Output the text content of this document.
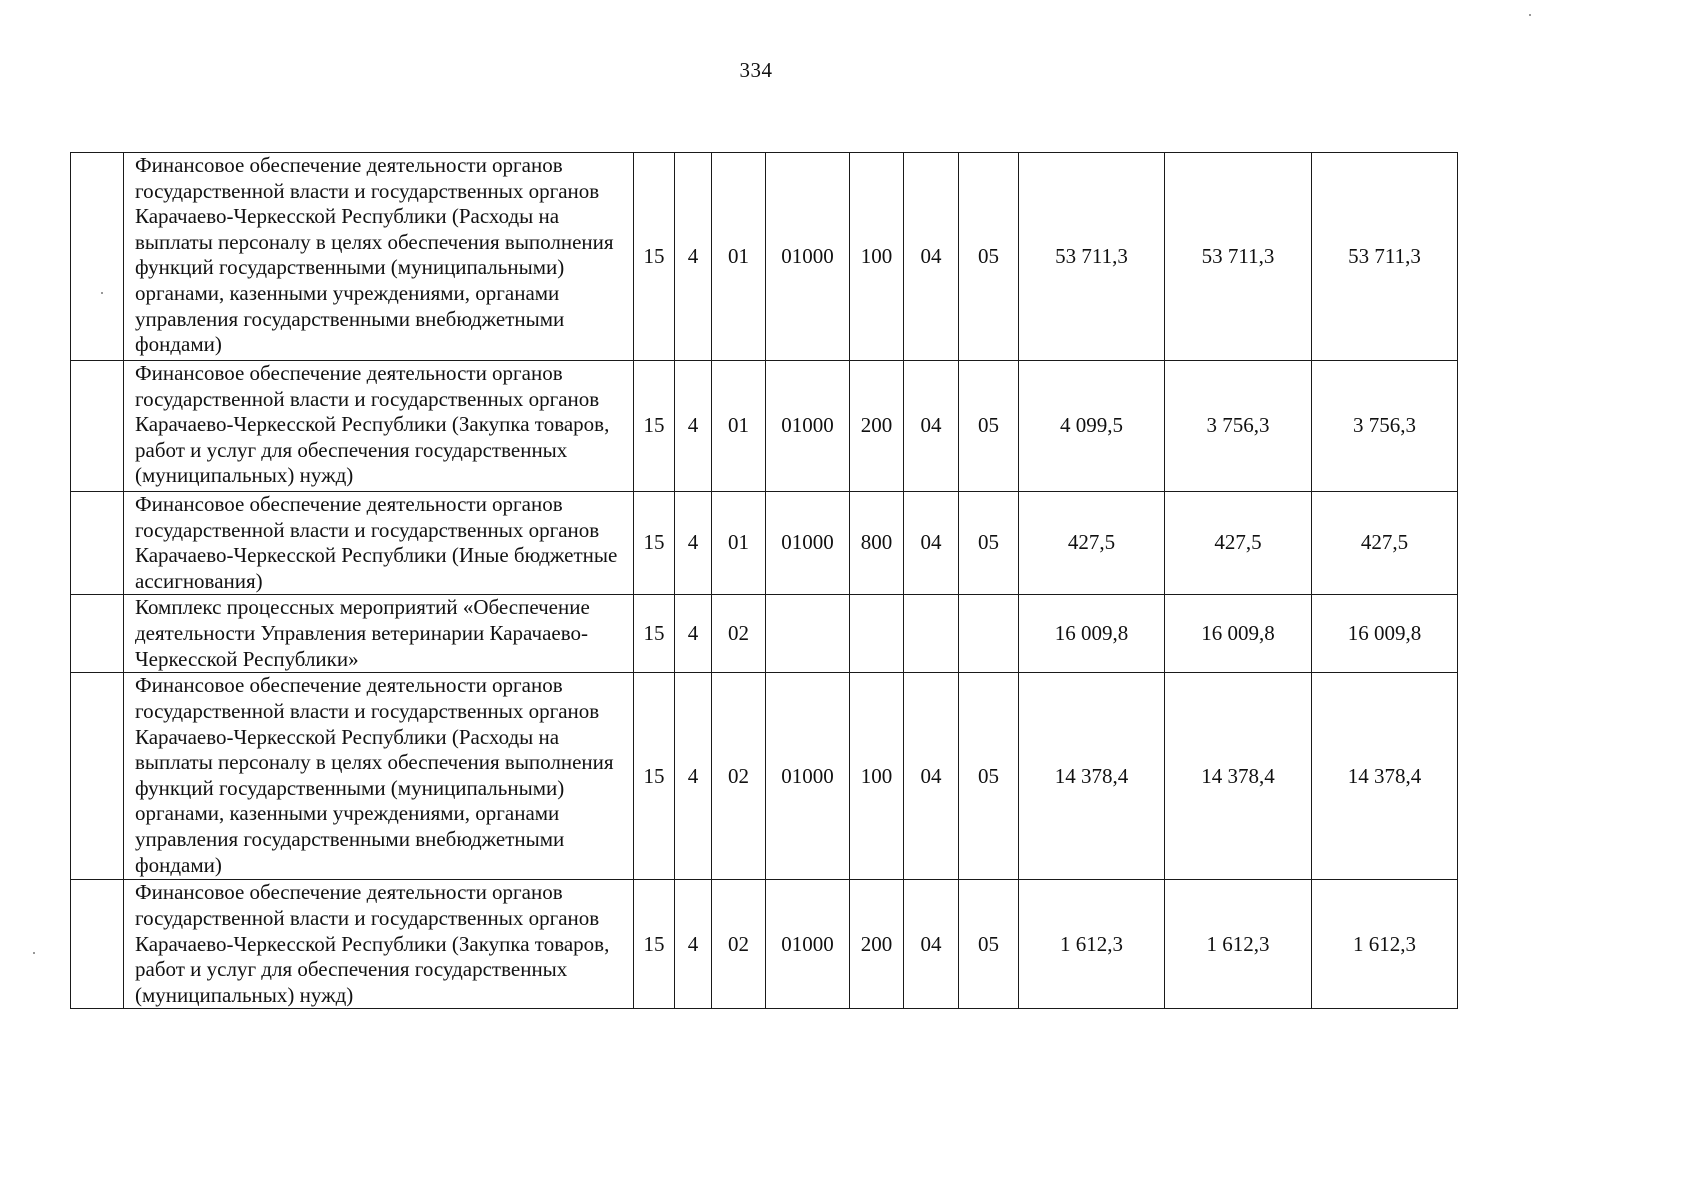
334
	Финансовое обеспечение деятельности органов государственной власти и государственных органов Карачаево-Черкесской Республики (Расходы на выплаты персоналу в целях обеспечения выполнения функций государственными (муниципальными) органами, казенными учреждениями, органами управления государственными внебюджетными фондами)	15	4	01	01000	100	04	05	53 711,3	53 711,3	53 711,3
	Финансовое обеспечение деятельности органов государственной власти и государственных органов Карачаево-Черкесской Республики (Закупка товаров, работ и услуг для обеспечения государственных (муниципальных) нужд)	15	4	01	01000	200	04	05	4 099,5	3 756,3	3 756,3
	Финансовое обеспечение деятельности органов государственной власти и государственных органов Карачаево-Черкесской Республики (Иные бюджетные ассигнования)	15	4	01	01000	800	04	05	427,5	427,5	427,5
	Комплекс процессных мероприятий «Обеспечение деятельности Управления ветеринарии Карачаево-Черкесской Республики»	15	4	02					16 009,8	16 009,8	16 009,8
	Финансовое обеспечение деятельности органов государственной власти и государственных органов Карачаево-Черкесской Республики (Расходы на выплаты персоналу в целях обеспечения выполнения функций государственными (муниципальными) органами, казенными учреждениями, органами управления государственными внебюджетными фондами)	15	4	02	01000	100	04	05	14 378,4	14 378,4	14 378,4
	Финансовое обеспечение деятельности органов государственной власти и государственных органов Карачаево-Черкесской Республики (Закупка товаров, работ и услуг для обеспечения государственных (муниципальных) нужд)	15	4	02	01000	200	04	05	1 612,3	1 612,3	1 612,3
